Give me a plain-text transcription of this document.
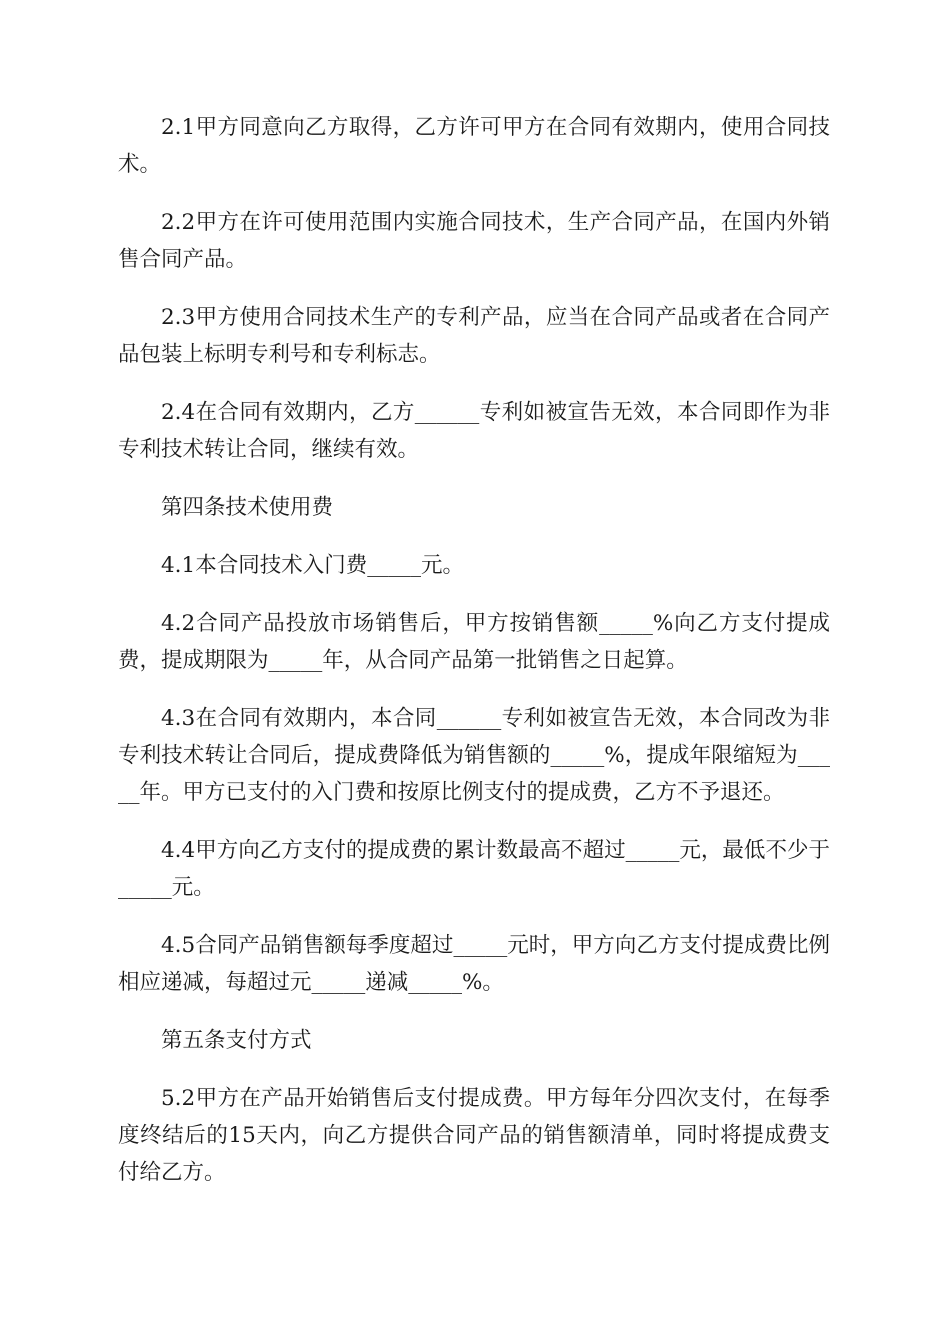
2.1甲方同意向乙方取得，乙方许可甲方在合同有效期内，使用合同技术。

2.2甲方在许可使用范围内实施合同技术，生产合同产品，在国内外销售合同产品。

2.3甲方使用合同技术生产的专利产品，应当在合同产品或者在合同产品包装上标明专利号和专利标志。

2.4在合同有效期内，乙方______专利如被宣告无效，本合同即作为非专利技术转让合同，继续有效。

第四条技术使用费

4.1本合同技术入门费_____元。

4.2合同产品投放市场销售后，甲方按销售额_____%向乙方支付提成费，提成期限为_____年，从合同产品第一批销售之日起算。

4.3在合同有效期内，本合同______专利如被宣告无效，本合同改为非专利技术转让合同后，提成费降低为销售额的_____%，提成年限缩短为_____年。甲方已支付的入门费和按原比例支付的提成费，乙方不予退还。

4.4甲方向乙方支付的提成费的累计数最高不超过_____元，最低不少于_____元。

4.5合同产品销售额每季度超过_____元时，甲方向乙方支付提成费比例相应递减，每超过元_____递减_____%。

第五条支付方式

5.2甲方在产品开始销售后支付提成费。甲方每年分四次支付，在每季度终结后的15天内，向乙方提供合同产品的销售额清单，同时将提成费支付给乙方。
